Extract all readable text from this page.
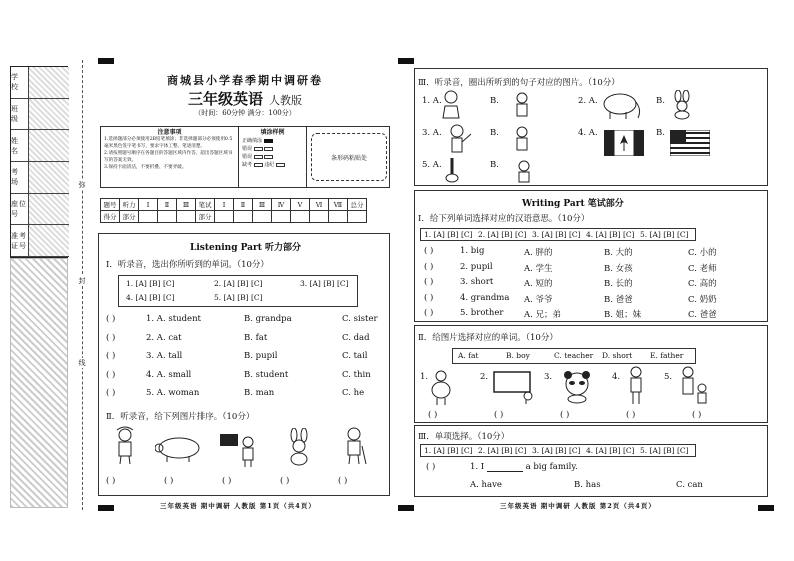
学 校
班 级
姓 名
考 场
座位号
准考证号
弥
封
线
商城县小学春季期中调研卷
三年级英语 人教版
（时间：60分钟 满分：100分）
注意事项
1.选择题部分必须使用2B铅笔填涂；非选择题部分必须使用0.5毫米黑色签字笔书写，要求字体工整、笔迹清楚。
2.请按照题号顺序在各题目的答题区域内作答，超出答题区域书写的答案无效。
3.保持卡面清洁，不要折叠、不要弄破。
填涂样例
正确填涂
错误
错误
缺考 违纪
条形码粘贴处
题号	听力	Ⅰ	Ⅱ	Ⅲ	笔试	Ⅰ	Ⅱ	Ⅲ	Ⅳ	Ⅴ	Ⅵ	Ⅶ	总分
得分	部分				部分								
Listening Part 听力部分
Ⅰ．听录音，选出你所听到的单词。（10分）
1. [A] [B] [C]	2. [A] [B] [C]	3. [A] [B] [C]
4. [A] [B] [C]	5. [A] [B] [C]
( )	1. A. student	B. grandpa	C. sister
( )	2. A. cat	B. fat	C. dad
( )	3. A. tall	B. pupil	C. tail
( )	4. A. small	B. student	C. thin
( )	5. A. woman	B. man	C. he
Ⅱ．听录音，给下列图片排序。（10分）
( )	( )	( )	( )	( )
三年级英语 期中调研 人教版 第1页（共4页）
Ⅲ．听录音，圈出所听到的句子对应的图片。（10分）
1. A.	B.	2. A.	B.
3. A.	B.	4. A.	B.
5. A.	B.
Writing Part 笔试部分
Ⅰ．给下列单词选择对应的汉语意思。（10分）
1. [A] [B] [C] 2. [A] [B] [C] 3. [A] [B] [C] 4. [A] [B] [C] 5. [A] [B] [C]
( )	1. big	A. 胖的	B. 大的	C. 小的
( )	2. pupil	A. 学生	B. 女孩	C. 老师
( )	3. short	A. 短的	B. 长的	C. 高的
( )	4. grandma A. 爷爷	B. 爸爸	C. 奶奶
( )	5. brother A. 兄；弟	B. 姐；妹	C. 爸爸
Ⅱ．给图片选择对应的单词。（10分）
A. fat	B. boy	C. teacher D. short E. father
1.	2.	3.	4.	5.
( )	( )	( )	( )	( )
Ⅲ．单项选择。（10分）
1. [A] [B] [C] 2. [A] [B] [C] 3. [A] [B] [C] 4. [A] [B] [C] 5. [A] [B] [C]
( )	1. I	a big family.
A. have	B. has	C. can
三年级英语 期中调研 人教版 第2页（共4页）
